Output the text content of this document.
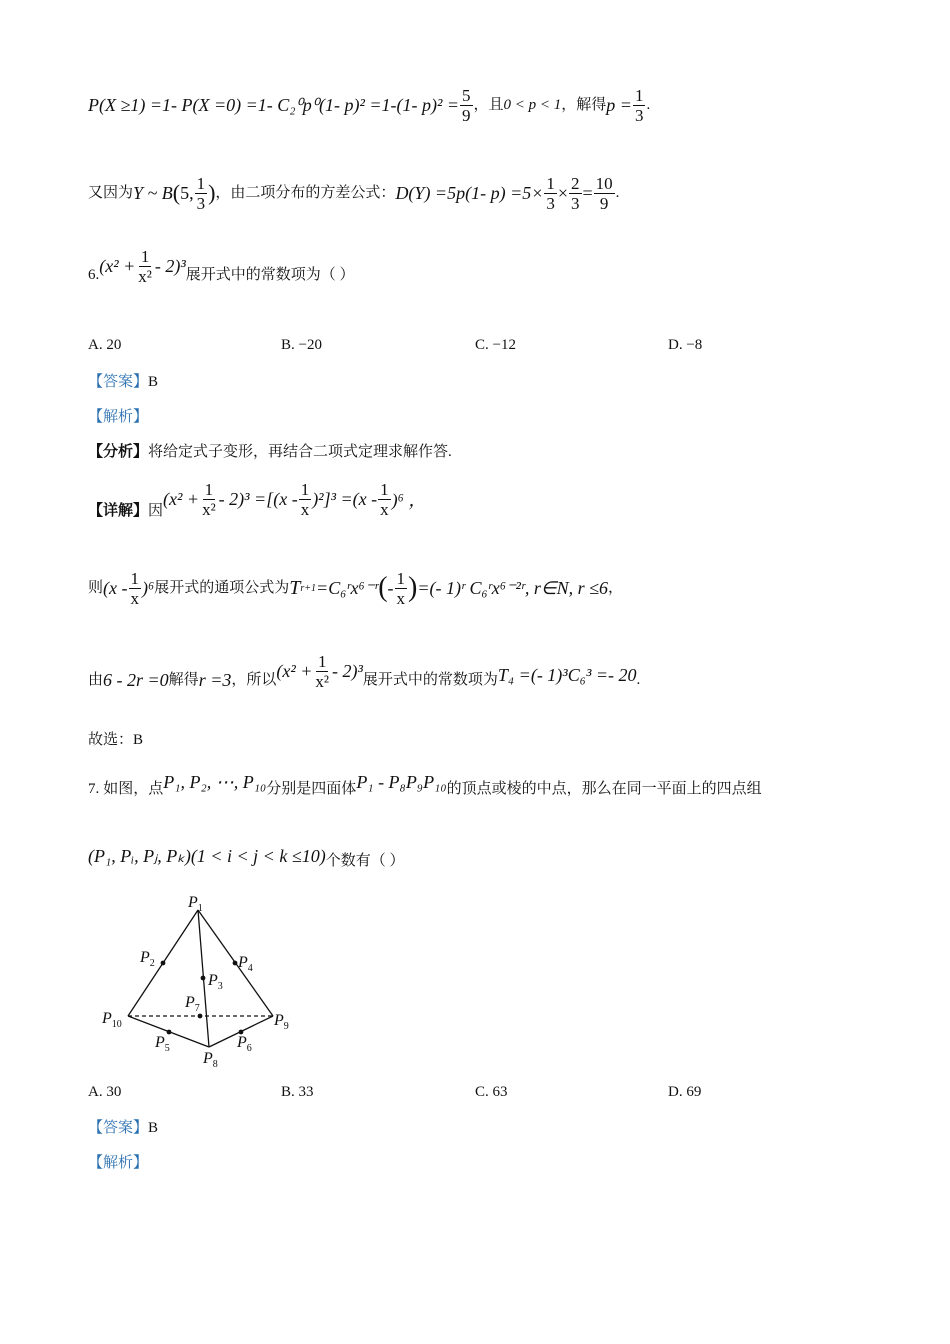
P(X ≥1) =1- P(X =0) =1- C₂⁰p⁰(1- p)² =1-(1- $p)^2 = \frac{5}{9}$ ，且 0 < p < 1 ，解得 $p = \frac{1}{3}$ .
又因为 Y ~ B ( 5, $\frac{1}{3}$ ) ，由二项分布的方差公式： D(Y) =5p(1- $p) =5\times \frac{1}{3} \times \frac{2}{3} = \frac{10}{9}$ .
6. $(x^2 + \frac{1}{\text{x²}} - 2)^3$ 展开式中的常数项为（ ）
A. 20	B. −20	C. −12	D. −8
【答案】B
【解析】
【分析】将给定式子变形，再结合二项式定理求解作答.
【详解】 因
$(x^2 + \frac{1}{\text{x²}} - 2)^3 =[(x - \frac{1}{x} )^2]^3 =(x - \frac{1}{x} )^6$ ，
则 $(x - \frac{1}{x} )^6$ 展开式的通项公式为 T r+1 =C₆ʳx⁶⁻ʳ ( - $\frac{1}{x}$ ) =(- 1)ʳ C₆ʳx⁶⁻²ʳ, r∈N, r ≤6 ，
由 6 - 2r =0 解得 r =3 ，所以 $(x^2 + \frac{1}{\text{x²}} - 2)^3$ 展开式中的常数项为 T₄ =(- 1)³C₆³ =- 20 .
故选：B
7. 如图，点 P₁, P₂, ⋯, P₁₀ 分别是四面体 P₁ - P₈P₉P₁₀ 的顶点或棱的中点，那么在同一平面上的四点组
(P₁, Pᵢ, Pⱼ, Pₖ)(1 < i < j < k ≤10) 个数有（ ）
$P_1$
$P_2$
$P_3$
$P_4$
$P_5$	$P_6$
$P_7$
$P_8$
$P_9$
$P_{10}$
A. 30	B. 33	C. 63	D. 69
【答案】B
【解析】
